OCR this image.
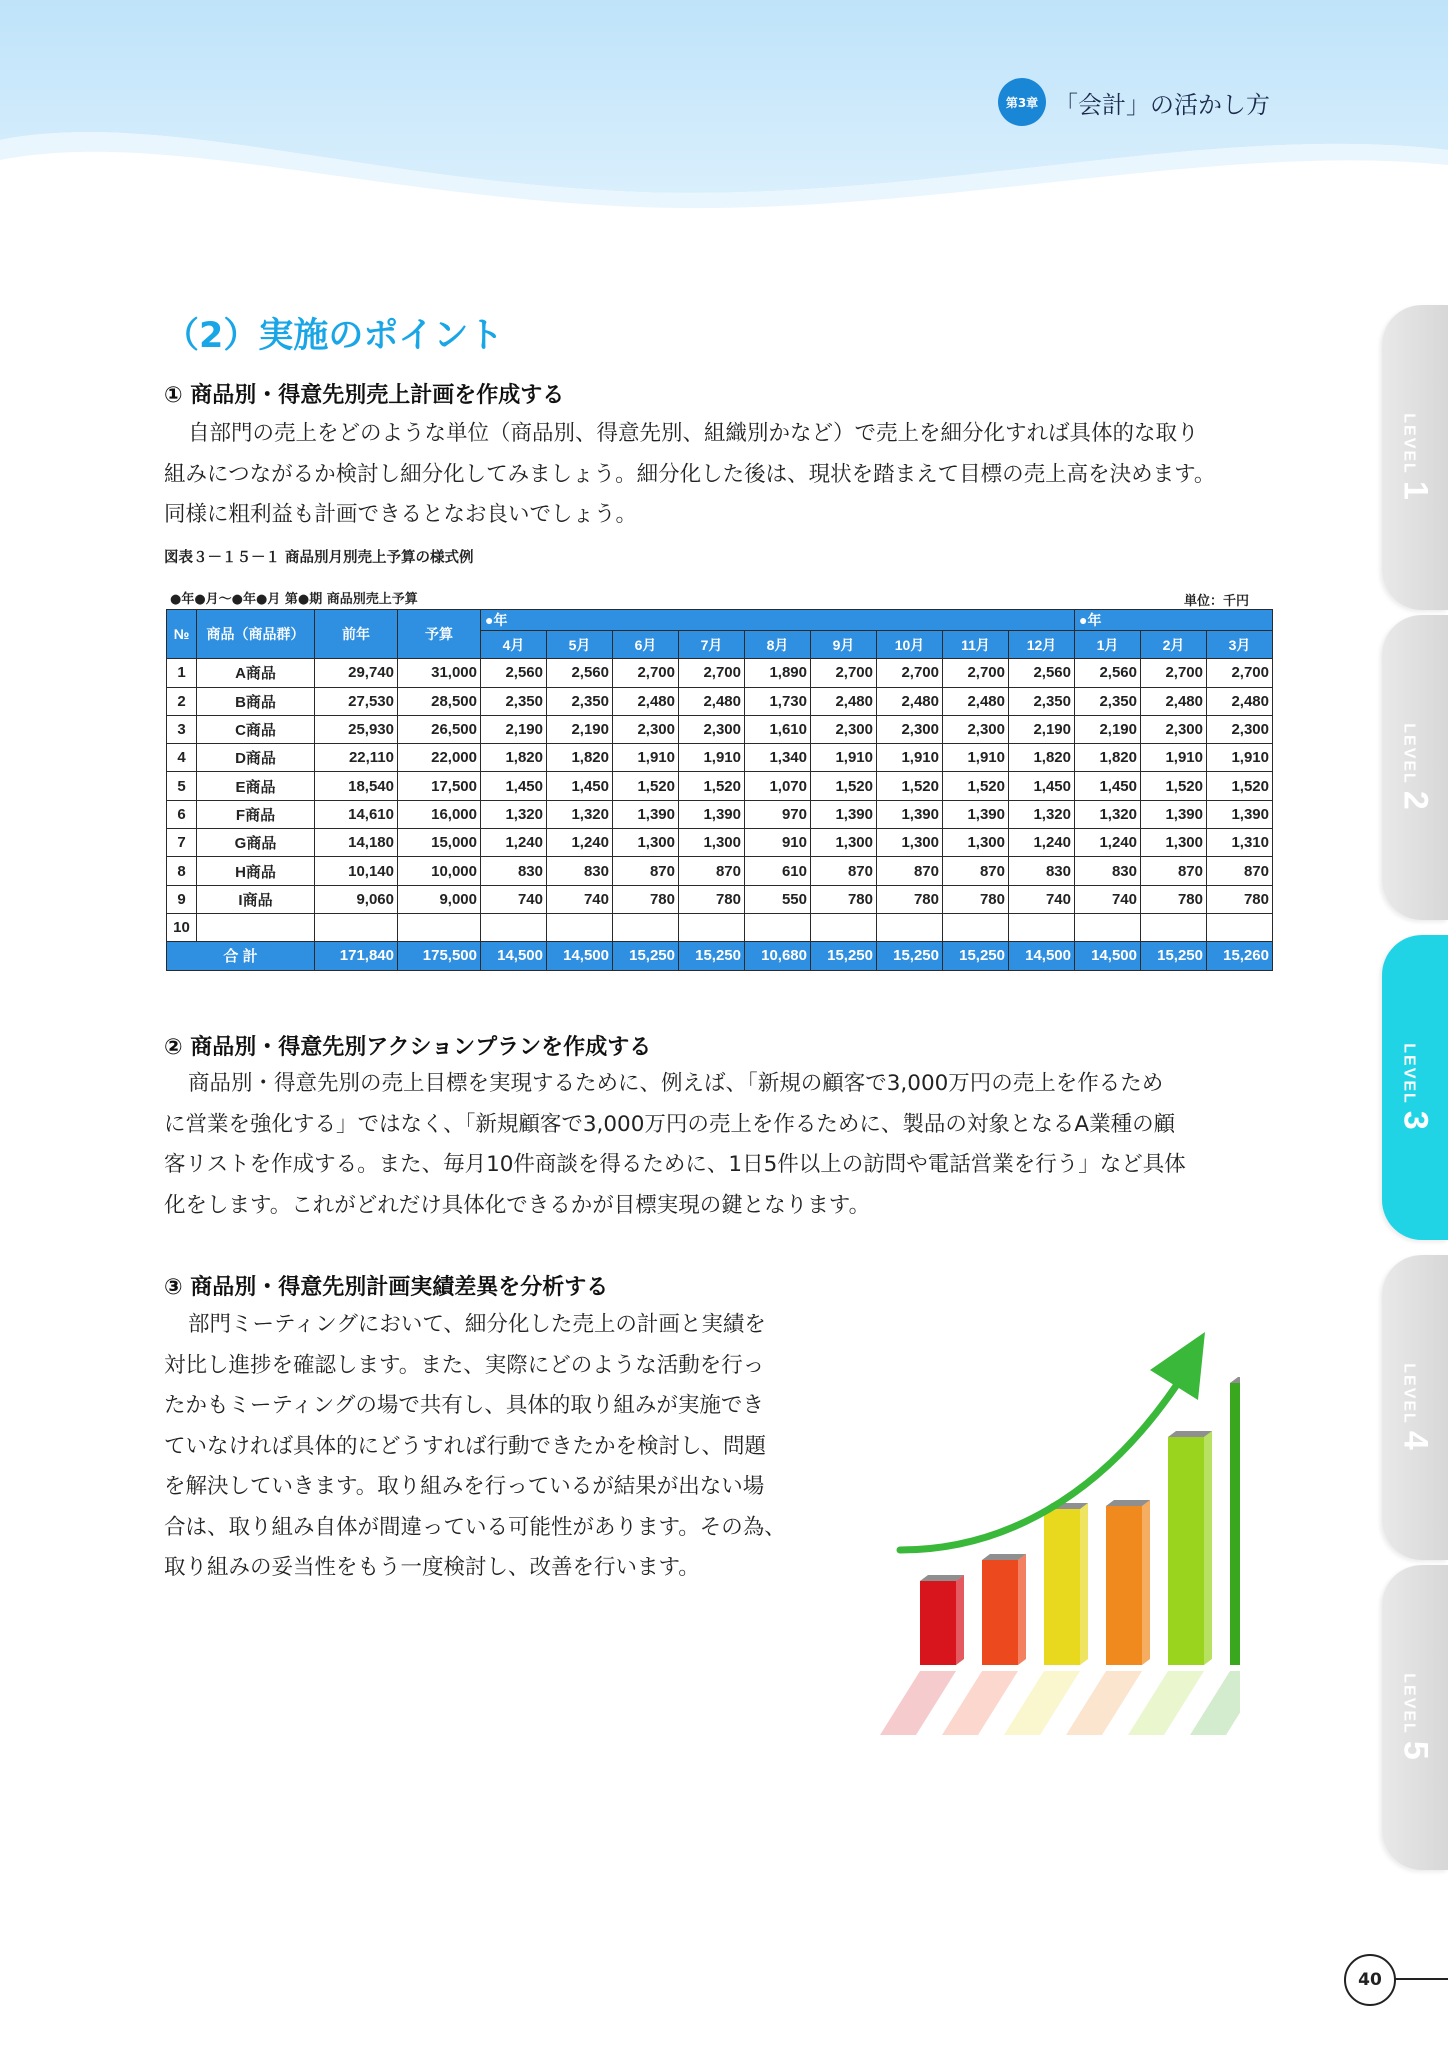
第3章 「会計」の活かし方
LEVEL1
LEVEL2
LEVEL3
LEVEL4
LEVEL5
（2）実施のポイント
① 商品別・得意先別売上計画を作成する

自部門の売上をどのような単位（商品別、得意先別、組織別かなど）で売上を細分化すれば具体的な取り

組みにつながるか検討し細分化してみましょう。細分化した後は、現状を踏まえて目標の売上高を決めます。

同様に粗利益も計画できるとなお良いでしょう。

図表３－１５－１ 商品別月別売上予算の様式例
●年●月～●年●月 第●期 商品別売上予算	単位：千円
№	商品（商品群）	前年	予算	●年									●年		
				4月	5月	6月	7月	8月	9月	10月	11月	12月	1月	2月	3月
1	A商品	29,740	31,000	2,560	2,560	2,700	2,700	1,890	2,700	2,700	2,700	2,560	2,560	2,700	2,700
2	B商品	27,530	28,500	2,350	2,350	2,480	2,480	1,730	2,480	2,480	2,480	2,350	2,350	2,480	2,480
3	C商品	25,930	26,500	2,190	2,190	2,300	2,300	1,610	2,300	2,300	2,300	2,190	2,190	2,300	2,300
4	D商品	22,110	22,000	1,820	1,820	1,910	1,910	1,340	1,910	1,910	1,910	1,820	1,820	1,910	1,910
5	E商品	18,540	17,500	1,450	1,450	1,520	1,520	1,070	1,520	1,520	1,520	1,450	1,450	1,520	1,520
6	F商品	14,610	16,000	1,320	1,320	1,390	1,390	970	1,390	1,390	1,390	1,320	1,320	1,390	1,390
7	G商品	14,180	15,000	1,240	1,240	1,300	1,300	910	1,300	1,300	1,300	1,240	1,240	1,300	1,310
8	H商品	10,140	10,000	830	830	870	870	610	870	870	870	830	830	870	870
9	I商品	9,060	9,000	740	740	780	780	550	780	780	780	740	740	780	780
10															
合 計		171,840	175,500	14,500	14,500	15,250	15,250	10,680	15,250	15,250	15,250	14,500	14,500	15,250	15,260
② 商品別・得意先別アクションプランを作成する

商品別・得意先別の売上目標を実現するために、例えば、「新規の顧客で3,000万円の売上を作るため

に営業を強化する」ではなく、「新規顧客で3,000万円の売上を作るために、製品の対象となるA業種の顧

客リストを作成する。また、毎月10件商談を得るために、1日5件以上の訪問や電話営業を行う」など具体

化をします。これがどれだけ具体化できるかが目標実現の鍵となります。

③ 商品別・得意先別計画実績差異を分析する

部門ミーティングにおいて、細分化した売上の計画と実績を

対比し進捗を確認します。また、実際にどのような活動を行っ

たかもミーティングの場で共有し、具体的取り組みが実施でき

ていなければ具体的にどうすれば行動できたかを検討し、問題

を解決していきます。取り組みを行っているが結果が出ない場

合は、取り組み自体が間違っている可能性があります。その為、

取り組みの妥当性をもう一度検討し、改善を行います。

40
